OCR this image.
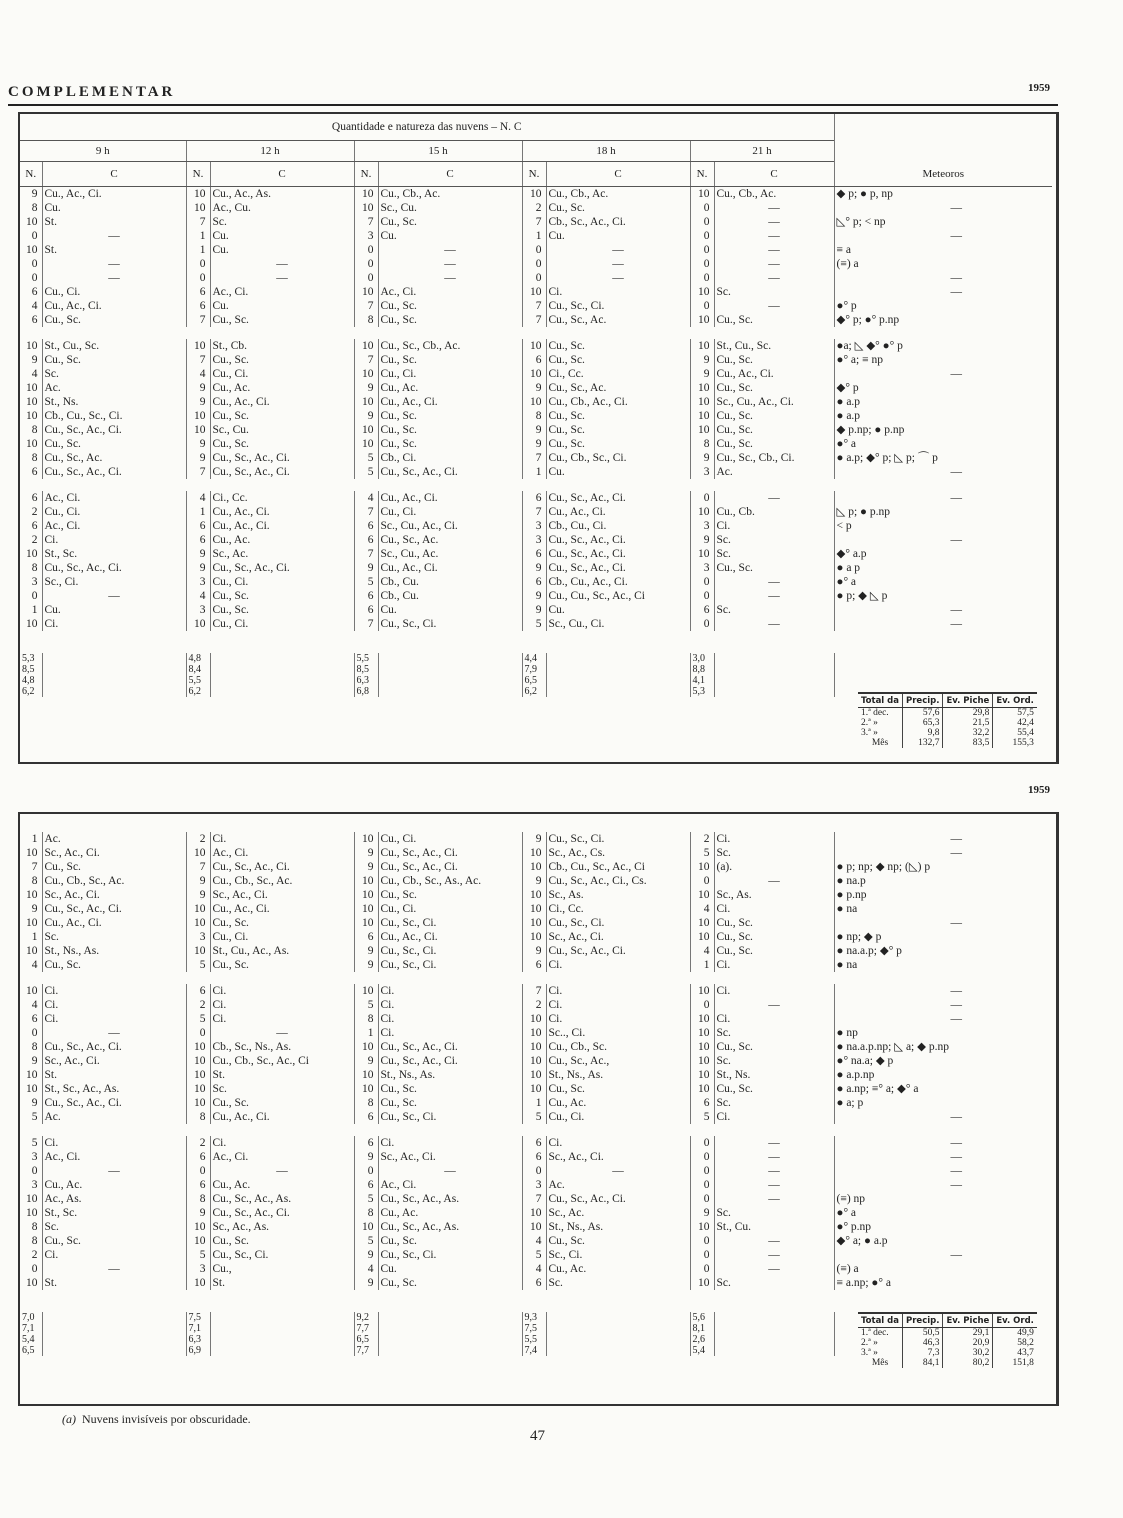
COMPLEMENTAR	1959
1959
Quantidade e natureza das nuvens – N. C										
9 h		12 h		15 h		18 h		21 h		
N.	C	N.	C	N.	C	N.	C	N.	C	Meteoros
9	Cu., Ac., Ci.	10	Cu., Ac., As.	10	Cu., Cb., Ac.	10	Cu., Cb., Ac.	10	Cu., Cb., Ac.	◆ p; ● p, np
8	Cu.	10	Ac., Cu.	10	Sc., Cu.	2	Cu., Sc.	0	—	—
10	St.	7	Sc.	7	Cu., Sc.	7	Cb., Sc., Ac., Ci.	0	—	◺° p; < np
0	—	1	Cu.	3	Cu.	1	Cu.	0	—	—
10	St.	1	Cu.	0	—	0	—	0	—	≡ a
0	—	0	—	0	—	0	—	0	—	(≡) a
0	—	0	—	0	—	0	—	0	—	—
6	Cu., Ci.	6	Ac., Ci.	10	Ac., Ci.	10	Ci.	10	Sc.	—
4	Cu., Ac., Ci.	6	Cu.	7	Cu., Sc.	7	Cu., Sc., Ci.	0	—	●° p
6	Cu., Sc.	7	Cu., Sc.	8	Cu., Sc.	7	Cu., Sc., Ac.	10	Cu., Sc.	◆° p; ●° p.np

10	St., Cu., Sc.	10	St., Cb.	10	Cu., Sc., Cb., Ac.	10	Cu., Sc.	10	St., Cu., Sc.	●a; ◺ ◆° ●° p
9	Cu., Sc.	7	Cu., Sc.	7	Cu., Sc.	6	Cu., Sc.	9	Cu., Sc.	●° a; ≡ np
4	Sc.	4	Cu., Ci.	10	Cu., Ci.	10	Ci., Cc.	9	Cu., Ac., Ci.	—
10	Ac.	9	Cu., Ac.	9	Cu., Ac.	9	Cu., Sc., Ac.	10	Cu., Sc.	◆° p
10	St., Ns.	9	Cu., Ac., Ci.	10	Cu., Ac., Ci.	10	Cu., Cb., Ac., Ci.	10	Sc., Cu., Ac., Ci.	● a.p
10	Cb., Cu., Sc., Ci.	10	Cu., Sc.	9	Cu., Sc.	8	Cu., Sc.	10	Cu., Sc.	● a.p
8	Cu., Sc., Ac., Ci.	10	Sc., Cu.	10	Cu., Sc.	9	Cu., Sc.	10	Cu., Sc.	◆ p.np; ● p.np
10	Cu., Sc.	9	Cu., Sc.	10	Cu., Sc.	9	Cu., Sc.	8	Cu., Sc.	●° a
8	Cu., Sc., Ac.	9	Cu., Sc., Ac., Ci.	5	Cb., Ci.	7	Cu., Cb., Sc., Ci.	9	Cu., Sc., Cb., Ci.	● a.p; ◆° p; ◺ p; ⌒ p
6	Cu., Sc., Ac., Ci.	7	Cu., Sc., Ac., Ci.	5	Cu., Sc., Ac., Ci.	1	Cu.	3	Ac.	—

6	Ac., Ci.	4	Ci., Cc.	4	Cu., Ac., Ci.	6	Cu., Sc., Ac., Ci.	0	—	—
2	Cu., Ci.	1	Cu., Ac., Ci.	7	Cu., Ci.	7	Cu., Ac., Ci.	10	Cu., Cb.	◺ p; ● p.np
6	Ac., Ci.	6	Cu., Ac., Ci.	6	Sc., Cu., Ac., Ci.	3	Cb., Cu., Ci.	3	Ci.	< p
2	Ci.	6	Cu., Ac.	6	Cu., Sc., Ac.	3	Cu., Sc., Ac., Ci.	9	Sc.	—
10	St., Sc.	9	Sc., Ac.	7	Sc., Cu., Ac.	6	Cu., Sc., Ac., Ci.	10	Sc.	◆° a.p
8	Cu., Sc., Ac., Ci.	9	Cu., Sc., Ac., Ci.	9	Cu., Ac., Ci.	9	Cu., Sc., Ac., Ci.	3	Cu., Sc.	● a p
3	Sc., Ci.	3	Cu., Ci.	5	Cb., Cu.	6	Cb., Cu., Ac., Ci.	0	—	●° a
0	—	4	Cu., Sc.	6	Cb., Cu.	9	Cu., Cu., Sc., Ac., Ci	0	—	● p; ◆ ◺ p
1	Cu.	3	Cu., Sc.	6	Cu.	9	Cu.	6	Sc.	—
10	Ci.	10	Cu., Ci.	7	Cu., Sc., Ci.	5	Sc., Cu., Ci.	0	—	—

5,3		4,8		5,5		4,4		3,0		
8,5		8,4		8,5		7,9		8,8		
4,8		5,5		6,3		6,5		4,1		
6,2		6,2		6,8		6,2		5,3		
Total da	Precip.	Ev. Piche	Ev. Ord.
1.ª dec.	57,6	29,8	57,5
2.ª »	65,3	21,5	42,4
3.ª »	9,8	32,2	55,4
Mês	132,7	83,5	155,3

1	Ac.	2	Ci.	10	Cu., Ci.	9	Cu., Sc., Ci.	2	Ci.	—
10	Sc., Ac., Ci.	10	Ac., Ci.	9	Cu., Sc., Ac., Ci.	10	Sc., Ac., Cs.	5	Sc.	—
7	Cu., Sc.	7	Cu., Sc., Ac., Ci.	9	Cu., Sc., Ac., Ci.	10	Cb., Cu., Sc., Ac., Ci	10	(a).	● p; np; ◆ np; (◺) p
8	Cu., Cb., Sc., Ac.	9	Cu., Cb., Sc., Ac.	10	Cu., Cb., Sc., As., Ac.	9	Cu., Sc., Ac., Ci., Cs.	0	—	● na.p
10	Sc., Ac., Ci.	9	Sc., Ac., Ci.	10	Cu., Sc.	10	Sc., As.	10	Sc., As.	● p.np
9	Cu., Sc., Ac., Ci.	10	Cu., Ac., Ci.	10	Cu., Ci.	10	Ci., Cc.	4	Ci.	● na
10	Cu., Ac., Ci.	10	Cu., Sc.	10	Cu., Sc., Ci.	10	Cu., Sc., Ci.	10	Cu., Sc.	—
1	Sc.	3	Cu., Ci.	6	Cu., Ac., Ci.	10	Sc., Ac., Ci.	10	Cu., Sc.	● np; ◆ p
10	St., Ns., As.	10	St., Cu., Ac., As.	9	Cu., Sc., Ci.	9	Cu., Sc., Ac., Ci.	4	Cu., Sc.	● na.a.p; ◆° p
4	Cu., Sc.	5	Cu., Sc.	9	Cu., Sc., Ci.	6	Ci.	1	Ci.	● na

10	Ci.	6	Ci.	10	Ci.	7	Ci.	10	Ci.	—
4	Ci.	2	Ci.	5	Ci.	2	Ci.	0	—	—
6	Ci.	5	Ci.	8	Ci.	10	Ci.	10	Ci.	—
0	—	0	—	1	Ci.	10	Sc.., Ci.	10	Sc.	● np
8	Cu., Sc., Ac., Ci.	10	Cb., Sc., Ns., As.	10	Cu., Sc., Ac., Ci.	10	Cu., Cb., Sc.	10	Cu., Sc.	● na.a.p.np; ◺ a; ◆ p.np
9	Sc., Ac., Ci.	10	Cu., Cb., Sc., Ac., Ci	9	Cu., Sc., Ac., Ci.	10	Cu., Sc., Ac.,	10	Sc.	●° na.a; ◆ p
10	St.	10	St.	10	St., Ns., As.	10	St., Ns., As.	10	St., Ns.	● a.p.np
10	St., Sc., Ac., As.	10	Sc.	10	Cu., Sc.	10	Cu., Sc.	10	Cu., Sc.	● a.np; ≡° a; ◆° a
9	Cu., Sc., Ac., Ci.	10	Cu., Sc.	8	Cu., Sc.	1	Cu., Ac.	6	Sc.	● a; p
5	Ac.	8	Cu., Ac., Ci.	6	Cu., Sc., Ci.	5	Cu., Ci.	5	Ci.	—

5	Ci.	2	Ci.	6	Ci.	6	Ci.	0	—	—
3	Ac., Ci.	6	Ac., Ci.	9	Sc., Ac., Ci.	6	Sc., Ac., Ci.	0	—	—
0	—	0	—	0	—	0	—	0	—	—
3	Cu., Ac.	6	Cu., Ac.	6	Ac., Ci.	3	Ac.	0	—	—
10	Ac., As.	8	Cu., Sc., Ac., As.	5	Cu., Sc., Ac., As.	7	Cu., Sc., Ac., Ci.	0	—	(≡) np
10	St., Sc.	9	Cu., Sc., Ac., Ci.	8	Cu., Ac.	10	Sc., Ac.	9	Sc.	●° a
8	Sc.	10	Sc., Ac., As.	10	Cu., Sc., Ac., As.	10	St., Ns., As.	10	St., Cu.	●° p.np
8	Cu., Sc.	10	Cu., Sc.	5	Cu., Sc.	4	Cu., Sc.	0	—	◆° a; ● a.p
2	Ci.	5	Cu., Sc., Ci.	9	Cu., Sc., Ci.	5	Sc., Ci.	0	—	—
0	—	3	Cu.,	4	Cu.	4	Cu., Ac.	0	—	(≡) a
10	St.	10	St.	9	Cu., Sc.	6	Sc.	10	Sc.	≡ a.np; ●° a

7,0		7,5		9,2		9,3		5,6		
7,1		7,1		7,7		7,5		8,1		
5,4		6,3		6,5		5,5		2,6		
6,5		6,9		7,7		7,4		5,4		
Total da	Precip.	Ev. Piche	Ev. Ord.
1.ª dec.	50,5	29,1	49,9
2.ª »	46,3	20,9	58,2
3.ª »	7,3	30,2	43,7
Mês	84,1	80,2	151,8
(a) Nuvens invisíveis por obscuridade.
47
